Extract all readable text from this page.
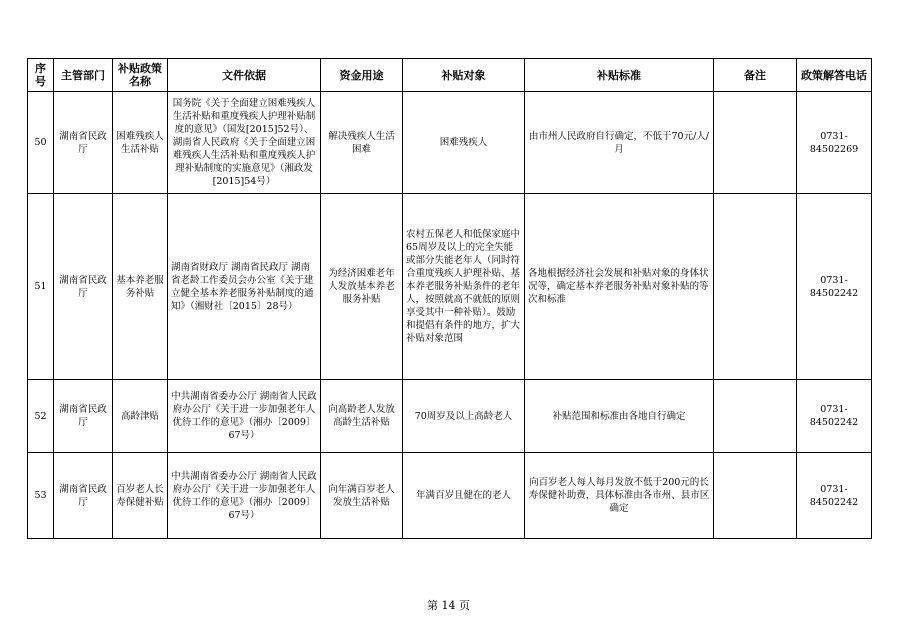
序号	主管部门	补贴政策名称	文件依据	资金用途	补贴对象	补贴标准	备注	政策解答电话
50	湖南省民政厅	困难残疾人生活补贴	国务院《关于全面建立困难残疾人生活补贴和重度残疾人护理补贴制度的意见》（国发[2015]52号）、湖南省人民政府《关于全面建立困难残疾人生活补贴和重度残疾人护理补贴制度的实施意见》（湘政发[2015]54号）	解决残疾人生活困难	困难残疾人	由市州人民政府自行确定，不低于70元/人/月		0731-84502269
51	湖南省民政厅	基本养老服务补贴	湖南省财政厅 湖南省民政厅 湖南省老龄工作委员会办公室《关于建立健全基本养老服务补贴制度的通知》（湘财社〔2015〕28号）	为经济困难老年人发放基本养老服务补贴	农村五保老人和低保家庭中65周岁及以上的完全失能或部分失能老年人（同时符合重度残疾人护理补贴、基本养老服务补贴条件的老年人，按照就高不就低的原则享受其中一种补贴）。鼓励和提倡有条件的地方，扩大补贴对象范围	各地根据经济社会发展和补贴对象的身体状况等，确定基本养老服务补贴对象补贴的等次和标准		0731-84502242
52	湖南省民政厅	高龄津贴	中共湖南省委办公厅 湖南省人民政府办公厅《关于进一步加强老年人优待工作的意见》（湘办〔2009〕67号）	向高龄老人发放高龄生活补贴	70周岁及以上高龄老人	补贴范围和标准由各地自行确定		0731-84502242
53	湖南省民政厅	百岁老人长寿保健补贴	中共湖南省委办公厅 湖南省人民政府办公厅《关于进一步加强老年人优待工作的意见》（湘办〔2009〕67号）	向年满百岁老人发放生活补贴	年满百岁且健在的老人	向百岁老人每人每月发放不低于200元的长寿保健补助费，具体标准由各市州、县市区确定		0731-84502242
第 14 页
